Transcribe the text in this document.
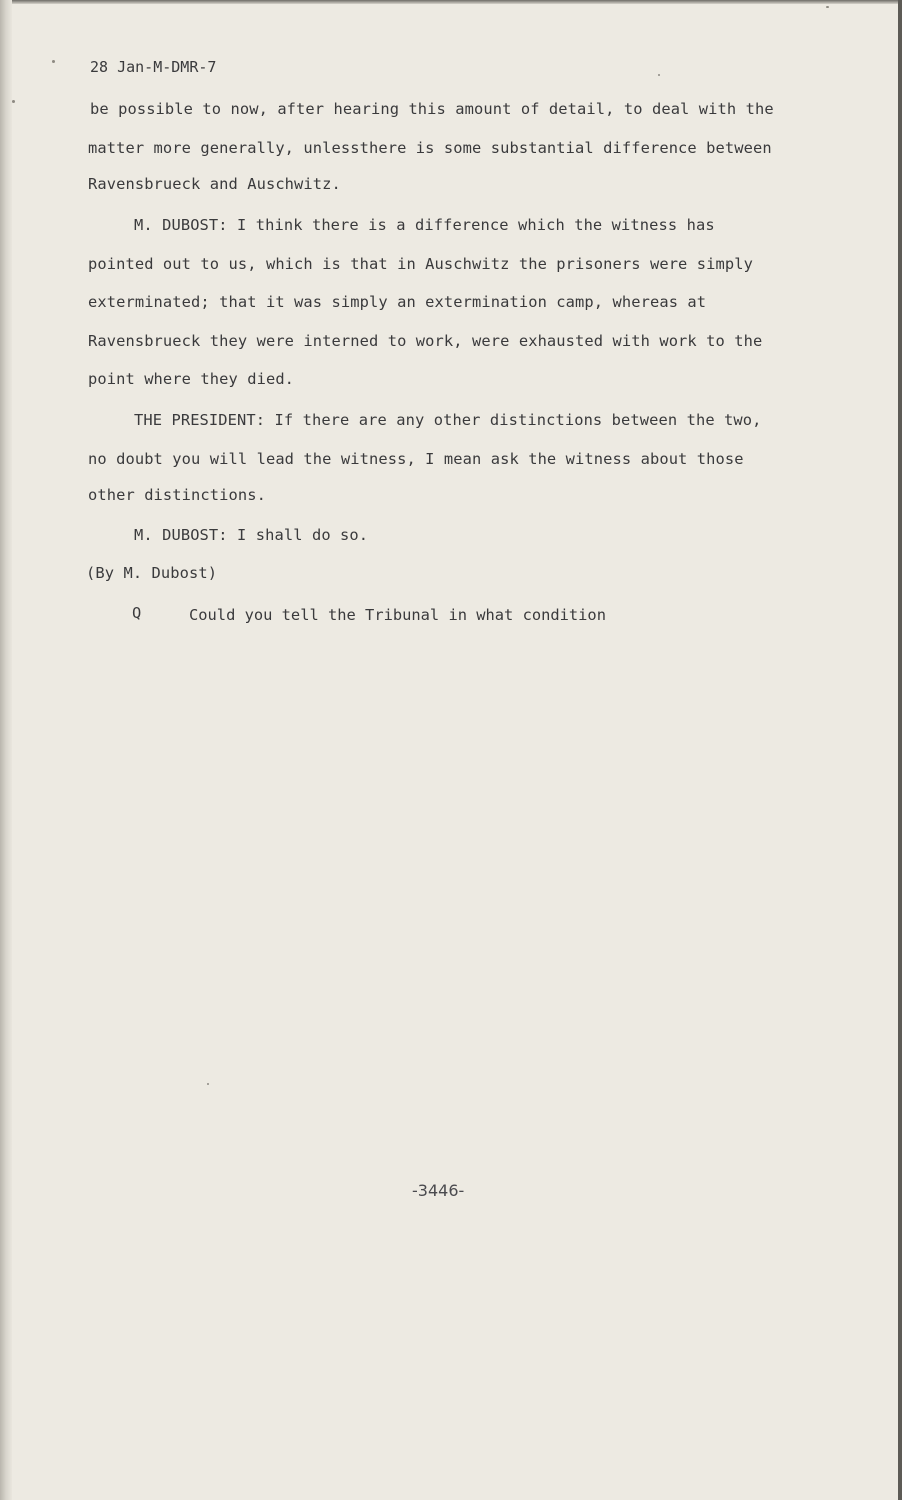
28 Jan-M-DMR-7

be possible to now, after hearing this amount of detail, to deal with the

matter more generally, unlessthere is some substantial difference between

Ravensbrueck and Auschwitz.

M. DUBOST: I think there is a difference which the witness has

pointed out to us, which is that in Auschwitz the prisoners were simply

exterminated; that it was simply an extermination camp, whereas at

Ravensbrueck they were interned to work, were exhausted with work to the

point where they died.

THE PRESIDENT: If there are any other distinctions between the two,

no doubt you will lead the witness, I mean ask the witness about those

other distinctions.

M. DUBOST: I shall do so.

(By M. Dubost)

Q	Could you tell the Tribunal in what condition
-3446-
